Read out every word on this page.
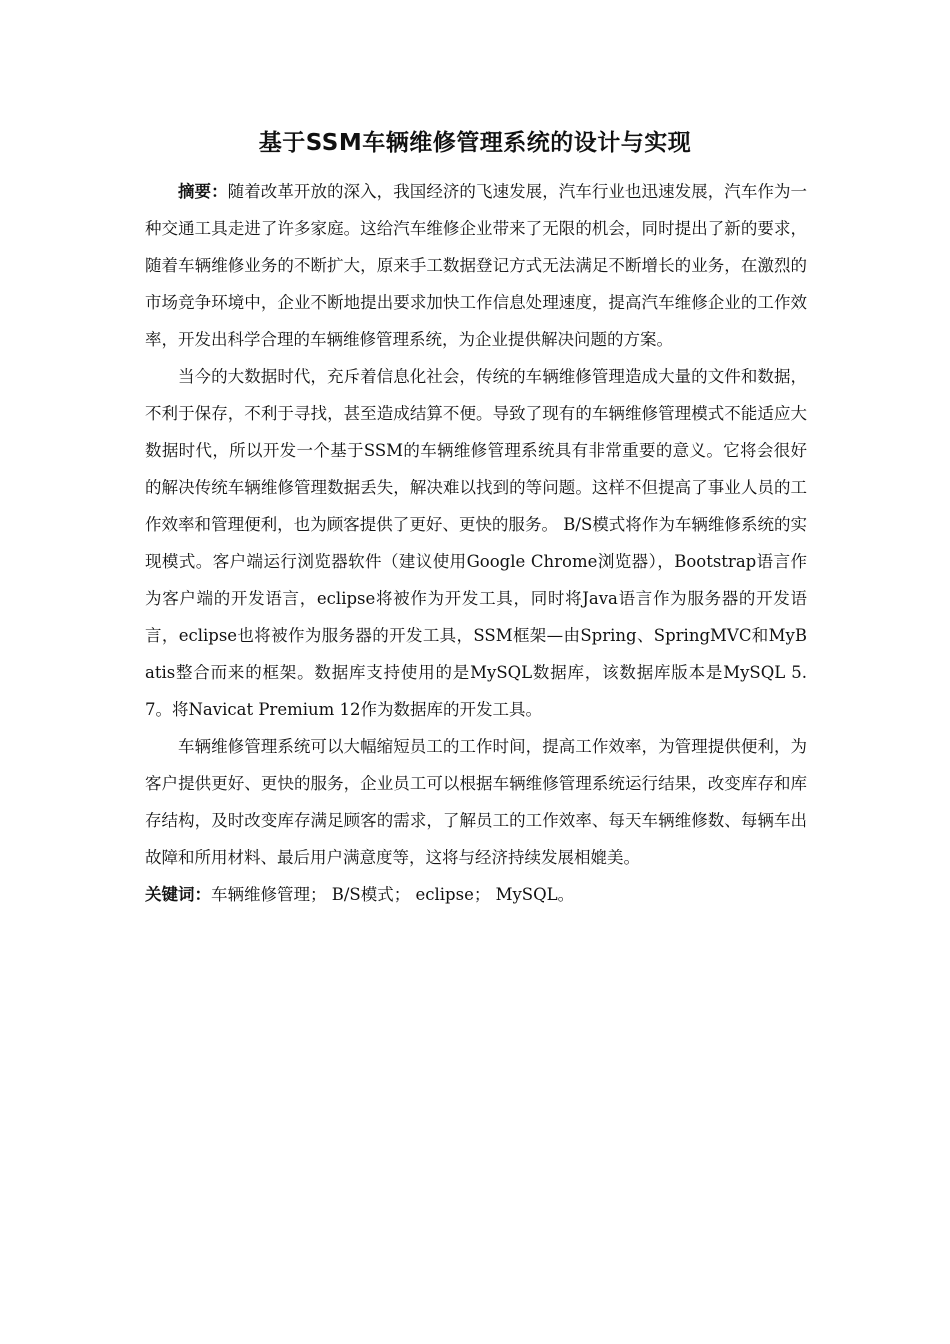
基于SSM车辆维修管理系统的设计与实现

摘要：随着改革开放的深入，我国经济的飞速发展，汽车行业也迅速发展，汽车作为一种交通工具走进了许多家庭。这给汽车维修企业带来了无限的机会，同时提出了新的要求，随着车辆维修业务的不断扩大，原来手工数据登记方式无法满足不断增长的业务，在激烈的市场竞争环境中，企业不断地提出要求加快工作信息处理速度，提高汽车维修企业的工作效率，开发出科学合理的车辆维修管理系统，为企业提供解决问题的方案。

当今的大数据时代，充斥着信息化社会，传统的车辆维修管理造成大量的文件和数据，不利于保存，不利于寻找，甚至造成结算不便。导致了现有的车辆维修管理模式不能适应大数据时代，所以开发一个基于SSM的车辆维修管理系统具有非常重要的意义。它将会很好的解决传统车辆维修管理数据丢失，解决难以找到的等问题。这样不但提高了事业人员的工作效率和管理便利，也为顾客提供了更好、更快的服务。 B/S模式将作为车辆维修系统的实现模式。客户端运行浏览器软件（建议使用Google Chrome浏览器），Bootstrap语言作为客户端的开发语言，eclipse将被作为开发工具，同时将Java语言作为服务器的开发语言，eclipse也将被作为服务器的开发工具，SSM框架—由Spring、SpringMVC和MyBatis整合而来的框架。数据库支持使用的是MySQL数据库，该数据库版本是MySQL 5.7。将Navicat Premium 12作为数据库的开发工具。

车辆维修管理系统可以大幅缩短员工的工作时间，提高工作效率，为管理提供便利，为客户提供更好、更快的服务，企业员工可以根据车辆维修管理系统运行结果，改变库存和库存结构，及时改变库存满足顾客的需求，了解员工的工作效率、每天车辆维修数、每辆车出故障和所用材料、最后用户满意度等，这将与经济持续发展相媲美。

关键词：车辆维修管理； B/S模式； eclipse； MySQL。
